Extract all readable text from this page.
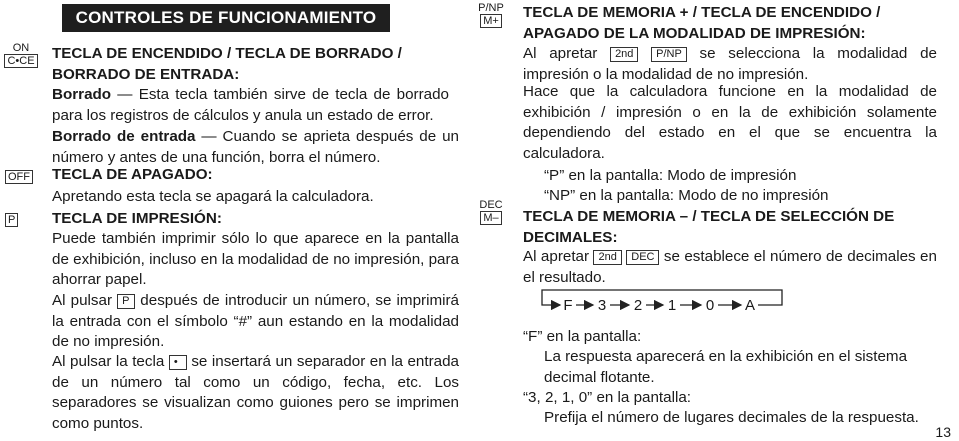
CONTROLES DE FUNCIONAMIENTO
ON
C•CE TECLA DE ENCENDIDO / TECLA DE BORRADO /
BORRADO DE ENTRADA:
Borrado — Esta tecla también sirve de tecla de borrado para los registros de cálculos y anula un estado de error.
Borrado de entrada — Cuando se aprieta después de un número y antes de una función, borra el número.
OFF TECLA DE APAGADO:
Apretando esta tecla se apagará la calculadora.
P TECLA DE IMPRESIÓN:
Puede también imprimir sólo lo que aparece en la pantalla de exhibición, incluso en la modalidad de no impresión, para ahorrar papel.
Al pulsar P después de introducir un número, se imprimirá la entrada con el símbolo “#” aun estando en la modalidad de no impresión.
Al pulsar la tecla • se insertará un separador en la entrada de un número tal como un código, fecha, etc. Los separadores se visualizan como guiones pero se imprimen como puntos.
P/NP
M+	TECLA DE MEMORIA + / TECLA DE ENCENDIDO /
APAGADO DE LA MODALIDAD DE IMPRESIÓN:
Al apretar 2nd P/NP se selecciona la modalidad de impresión o la modalidad de no impresión.
Hace que la calculadora funcione en la modalidad de exhibición / impresión o en la de exhibición solamente dependiendo del estado en el que se encuentra la calculadora.
“P” en la pantalla: Modo de impresión
“NP” en la pantalla: Modo de no impresión
DEC
M–	TECLA DE MEMORIA – / TECLA DE SELECCIÓN DE
DECIMALES:
Al apretar 2nd DEC se establece el número de decimales en el resultado.
F 3 2 1 0 A
“F” en la pantalla:
La respuesta aparecerá en la exhibición en el sistema decimal flotante.
“3, 2, 1, 0” en la pantalla:
Prefija el número de lugares decimales de la respuesta.
13
